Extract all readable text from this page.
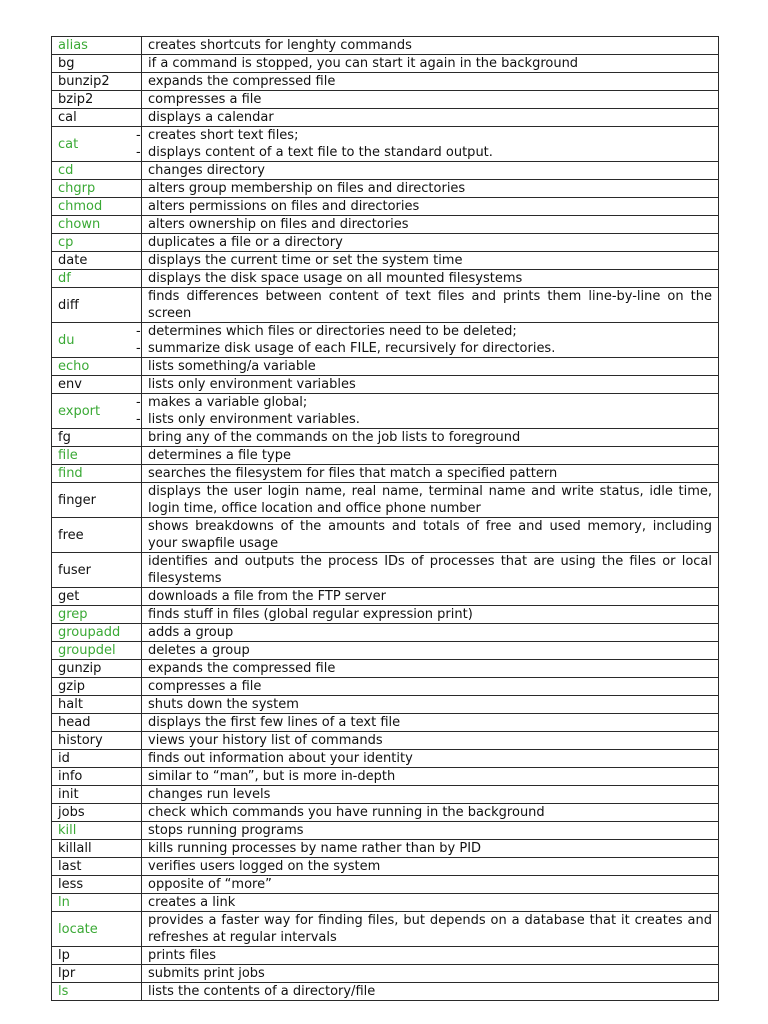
alias	creates shortcuts for lenghty commands
bg	if a command is stopped, you can start it again in the background
bunzip2	expands the compressed file
bzip2	compresses a file
cal	displays a calendar
cat	- creates short text files;
- displays content of a text file to the standard output.

cd	changes directory
chgrp	alters group membership on files and directories
chmod	alters permissions on files and directories
chown	alters ownership on files and directories
cp	duplicates a file or a directory
date	displays the current time or set the system time
df	displays the disk space usage on all mounted filesystems
diff	finds differences between content of text files and prints them line-by-line on the screen
du	- determines which files or directories need to be deleted;
- summarize disk usage of each FILE, recursively for directories.

echo	lists something/a variable
env	lists only environment variables
export	- makes a variable global;
- lists only environment variables.

fg	bring any of the commands on the job lists to foreground
file	determines a file type
find	searches the filesystem for files that match a specified pattern
finger	displays the user login name, real name, terminal name and write status, idle time, login time, office location and office phone number
free	shows breakdowns of the amounts and totals of free and used memory, including your swapfile usage
fuser	identifies and outputs the process IDs of processes that are using the files or local filesystems
get	downloads a file from the FTP server
grep	finds stuff in files (global regular expression print)
groupadd	adds a group
groupdel	deletes a group
gunzip	expands the compressed file
gzip	compresses a file
halt	shuts down the system
head	displays the first few lines of a text file
history	views your history list of commands
id	finds out information about your identity
info	similar to “man”, but is more in-depth
init	changes run levels
jobs	check which commands you have running in the background
kill	stops running programs
killall	kills running processes by name rather than by PID
last	verifies users logged on the system
less	opposite of “more”
ln	creates a link
locate	provides a faster way for finding files, but depends on a database that it creates and refreshes at regular intervals
lp	prints files
lpr	submits print jobs
ls	lists the contents of a directory/file
